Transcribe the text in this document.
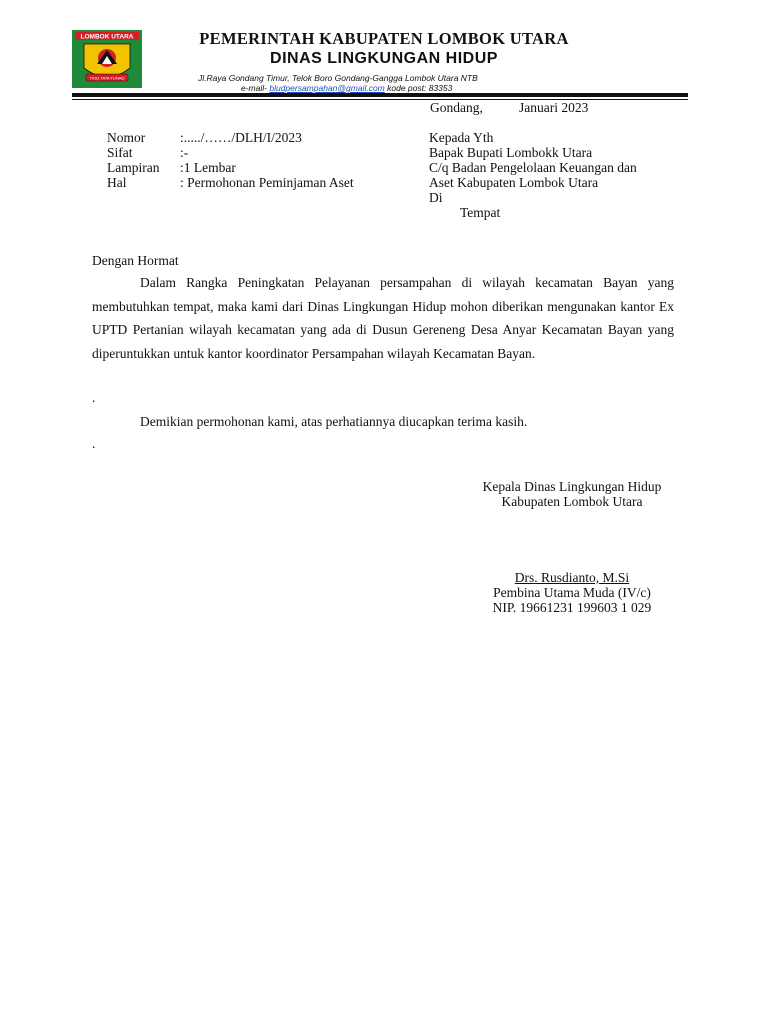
LOMBOK UTARA
TIOQ TATA TUNAQ
PEMERINTAH KABUPATEN LOMBOK UTARA
DINAS LINGKUNGAN HIDUP
Jl.Raya Gondang Timur, Telok Boro Gondang-Gangga Lombok Utara NTB
e-mail- bludpersampahan@gmail.com kode post: 83353
Gondang,	Januari 2023
Nomor	:...../……/DLH/I/2023
Sifat	:-
Lampiran :1 Lembar
Hal	: Permohonan Peminjaman Aset
Kepada Yth
Bapak Bupati Lombokk Utara
C/q Badan Pengelolaan Keuangan dan
Aset Kabupaten Lombok Utara
Di
Tempat
Dengan Hormat
Dalam Rangka Peningkatan Pelayanan persampahan di wilayah kecamatan Bayan yang membutuhkan tempat, maka kami dari Dinas Lingkungan Hidup mohon diberikan mengunakan kantor Ex UPTD Pertanian wilayah kecamatan yang ada di Dusun Gereneng Desa Anyar Kecamatan Bayan yang diperuntukkan untuk kantor koordinator Persampahan wilayah Kecamatan Bayan.
.
Demikian permohonan kami, atas perhatiannya diucapkan terima kasih.
.
Kepala Dinas Lingkungan Hidup
Kabupaten Lombok Utara
Drs. Rusdianto, M.Si
Pembina Utama Muda (IV/c)
NIP. 19661231 199603 1 029
